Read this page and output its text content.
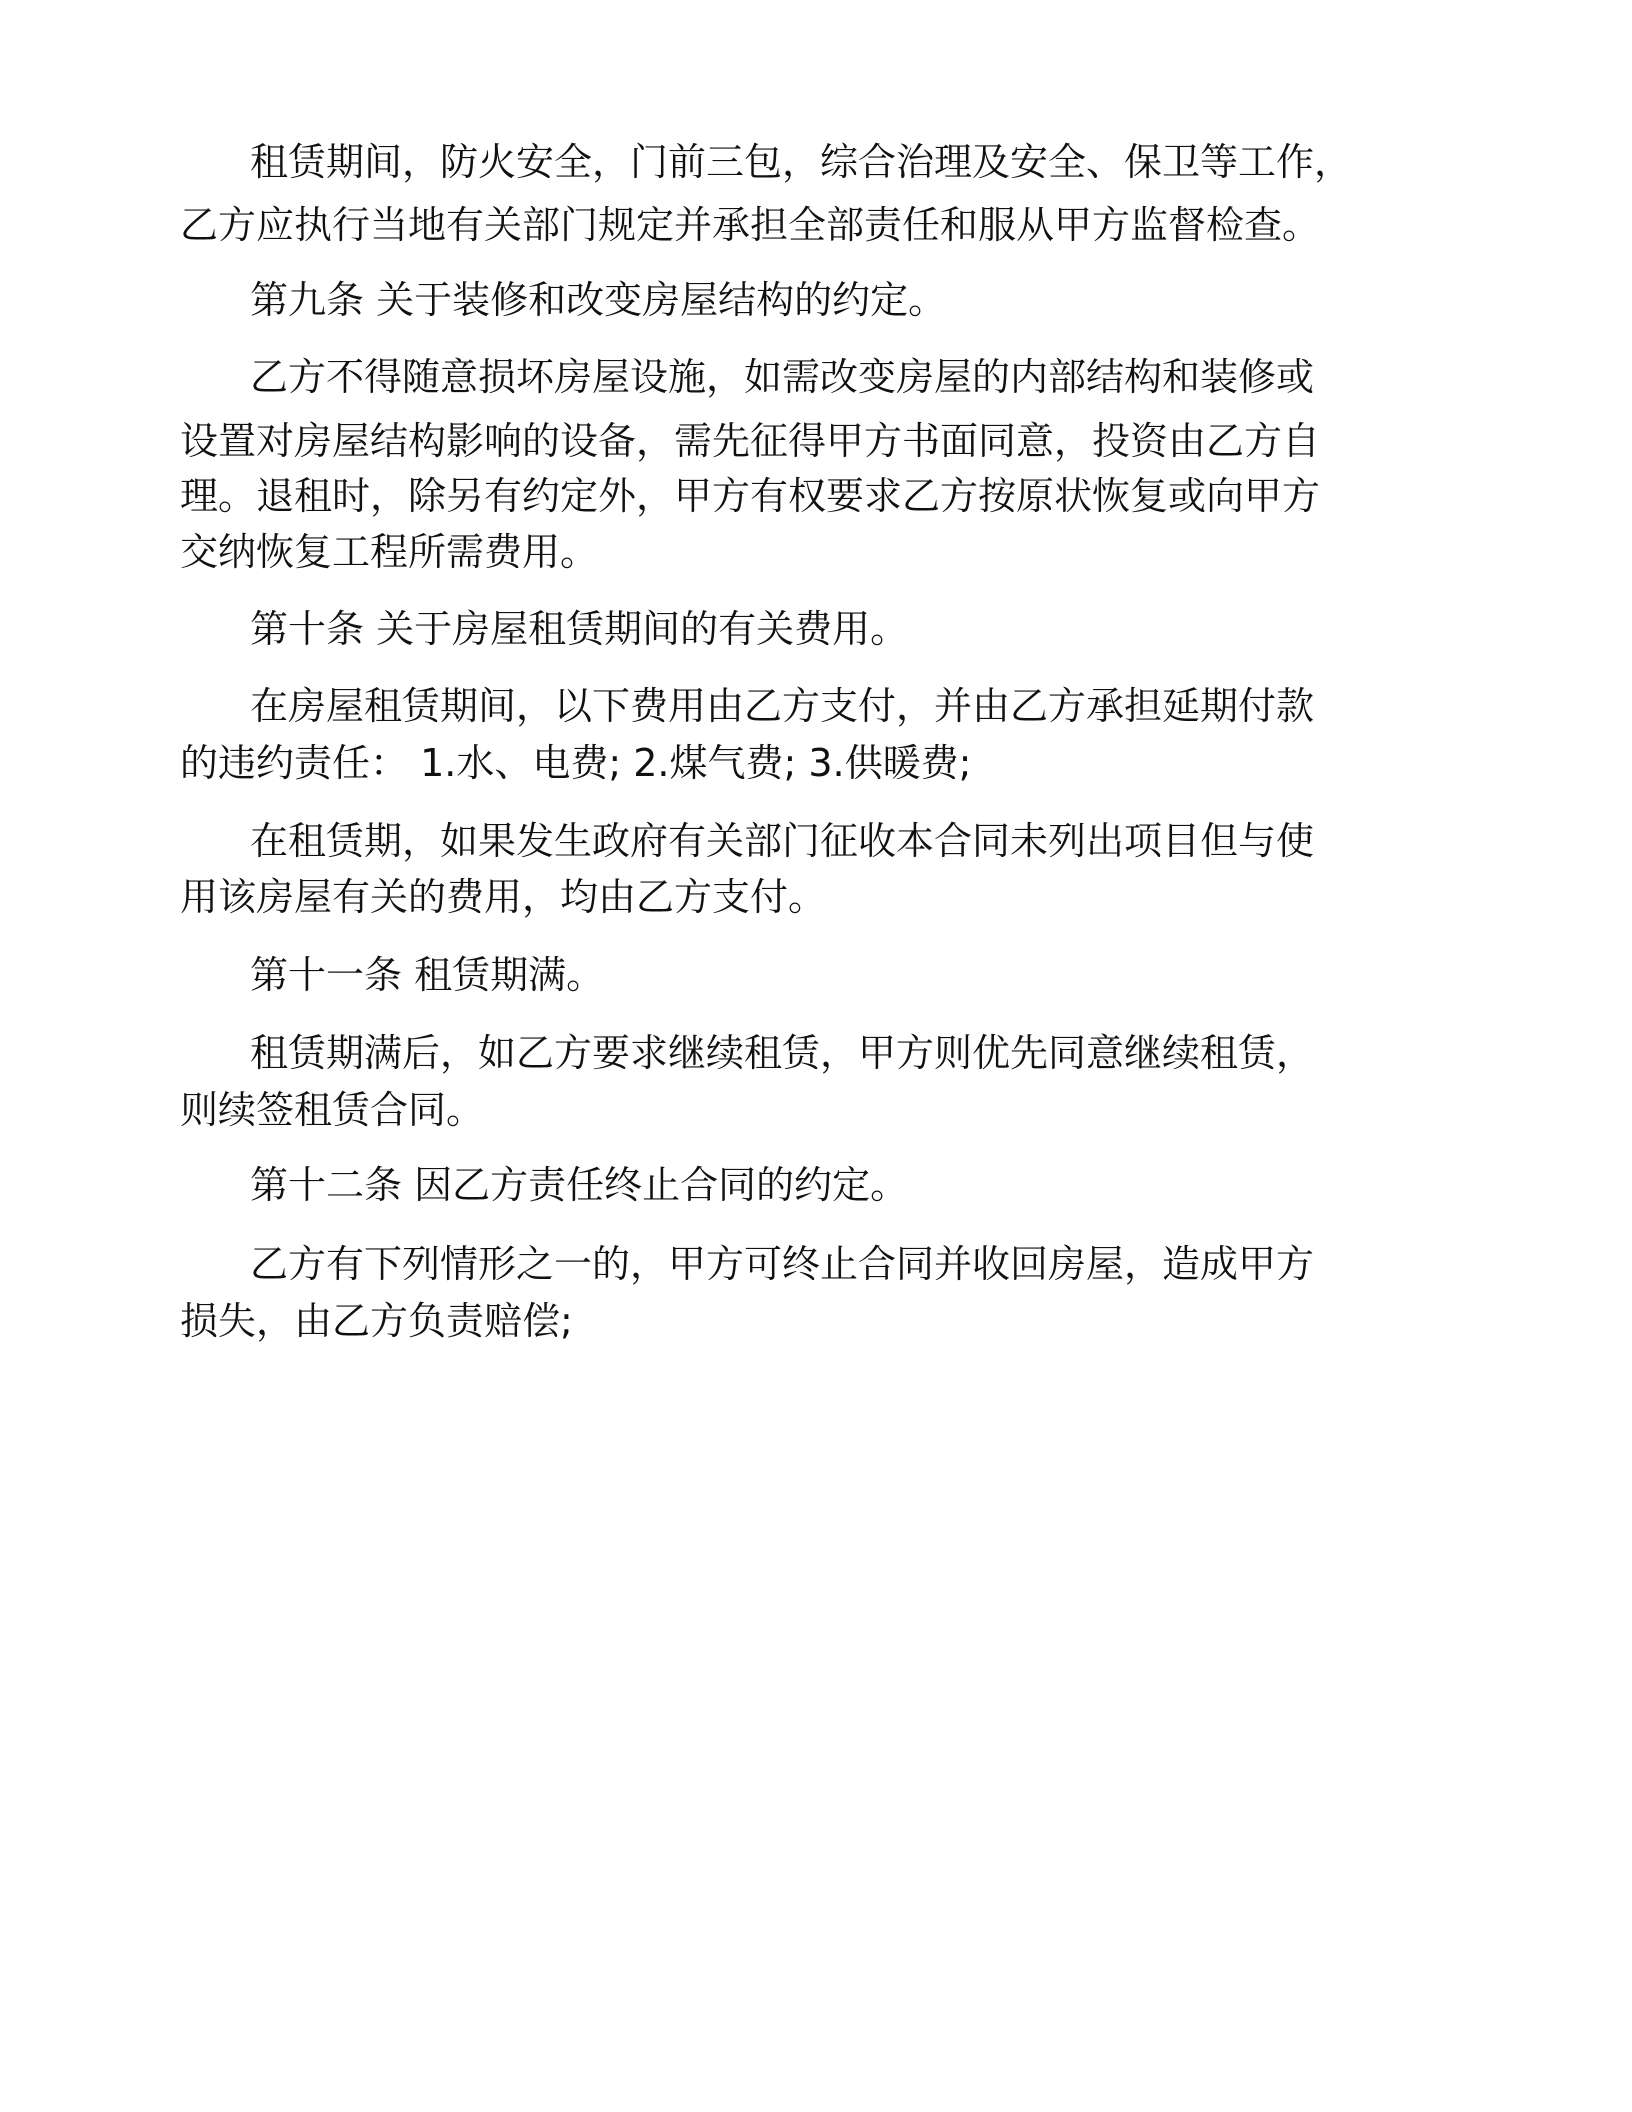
租赁期间，防火安全，门前三包，综合治理及安全、保卫等工作，
乙方应执行当地有关部门规定并承担全部责任和服从甲方监督检查。
第九条 关于装修和改变房屋结构的约定。
乙方不得随意损坏房屋设施，如需改变房屋的内部结构和装修或
设置对房屋结构影响的设备，需先征得甲方书面同意，投资由乙方自
理。退租时，除另有约定外，甲方有权要求乙方按原状恢复或向甲方
交纳恢复工程所需费用。
第十条 关于房屋租赁期间的有关费用。
在房屋租赁期间，以下费用由乙方支付，并由乙方承担延期付款
的违约责任： 1.水、电费; 2.煤气费; 3.供暖费;
在租赁期，如果发生政府有关部门征收本合同未列出项目但与使
用该房屋有关的费用，均由乙方支付。
第十一条 租赁期满。
租赁期满后，如乙方要求继续租赁，甲方则优先同意继续租赁，
则续签租赁合同。
第十二条 因乙方责任终止合同的约定。
乙方有下列情形之一的，甲方可终止合同并收回房屋，造成甲方
损失，由乙方负责赔偿;
